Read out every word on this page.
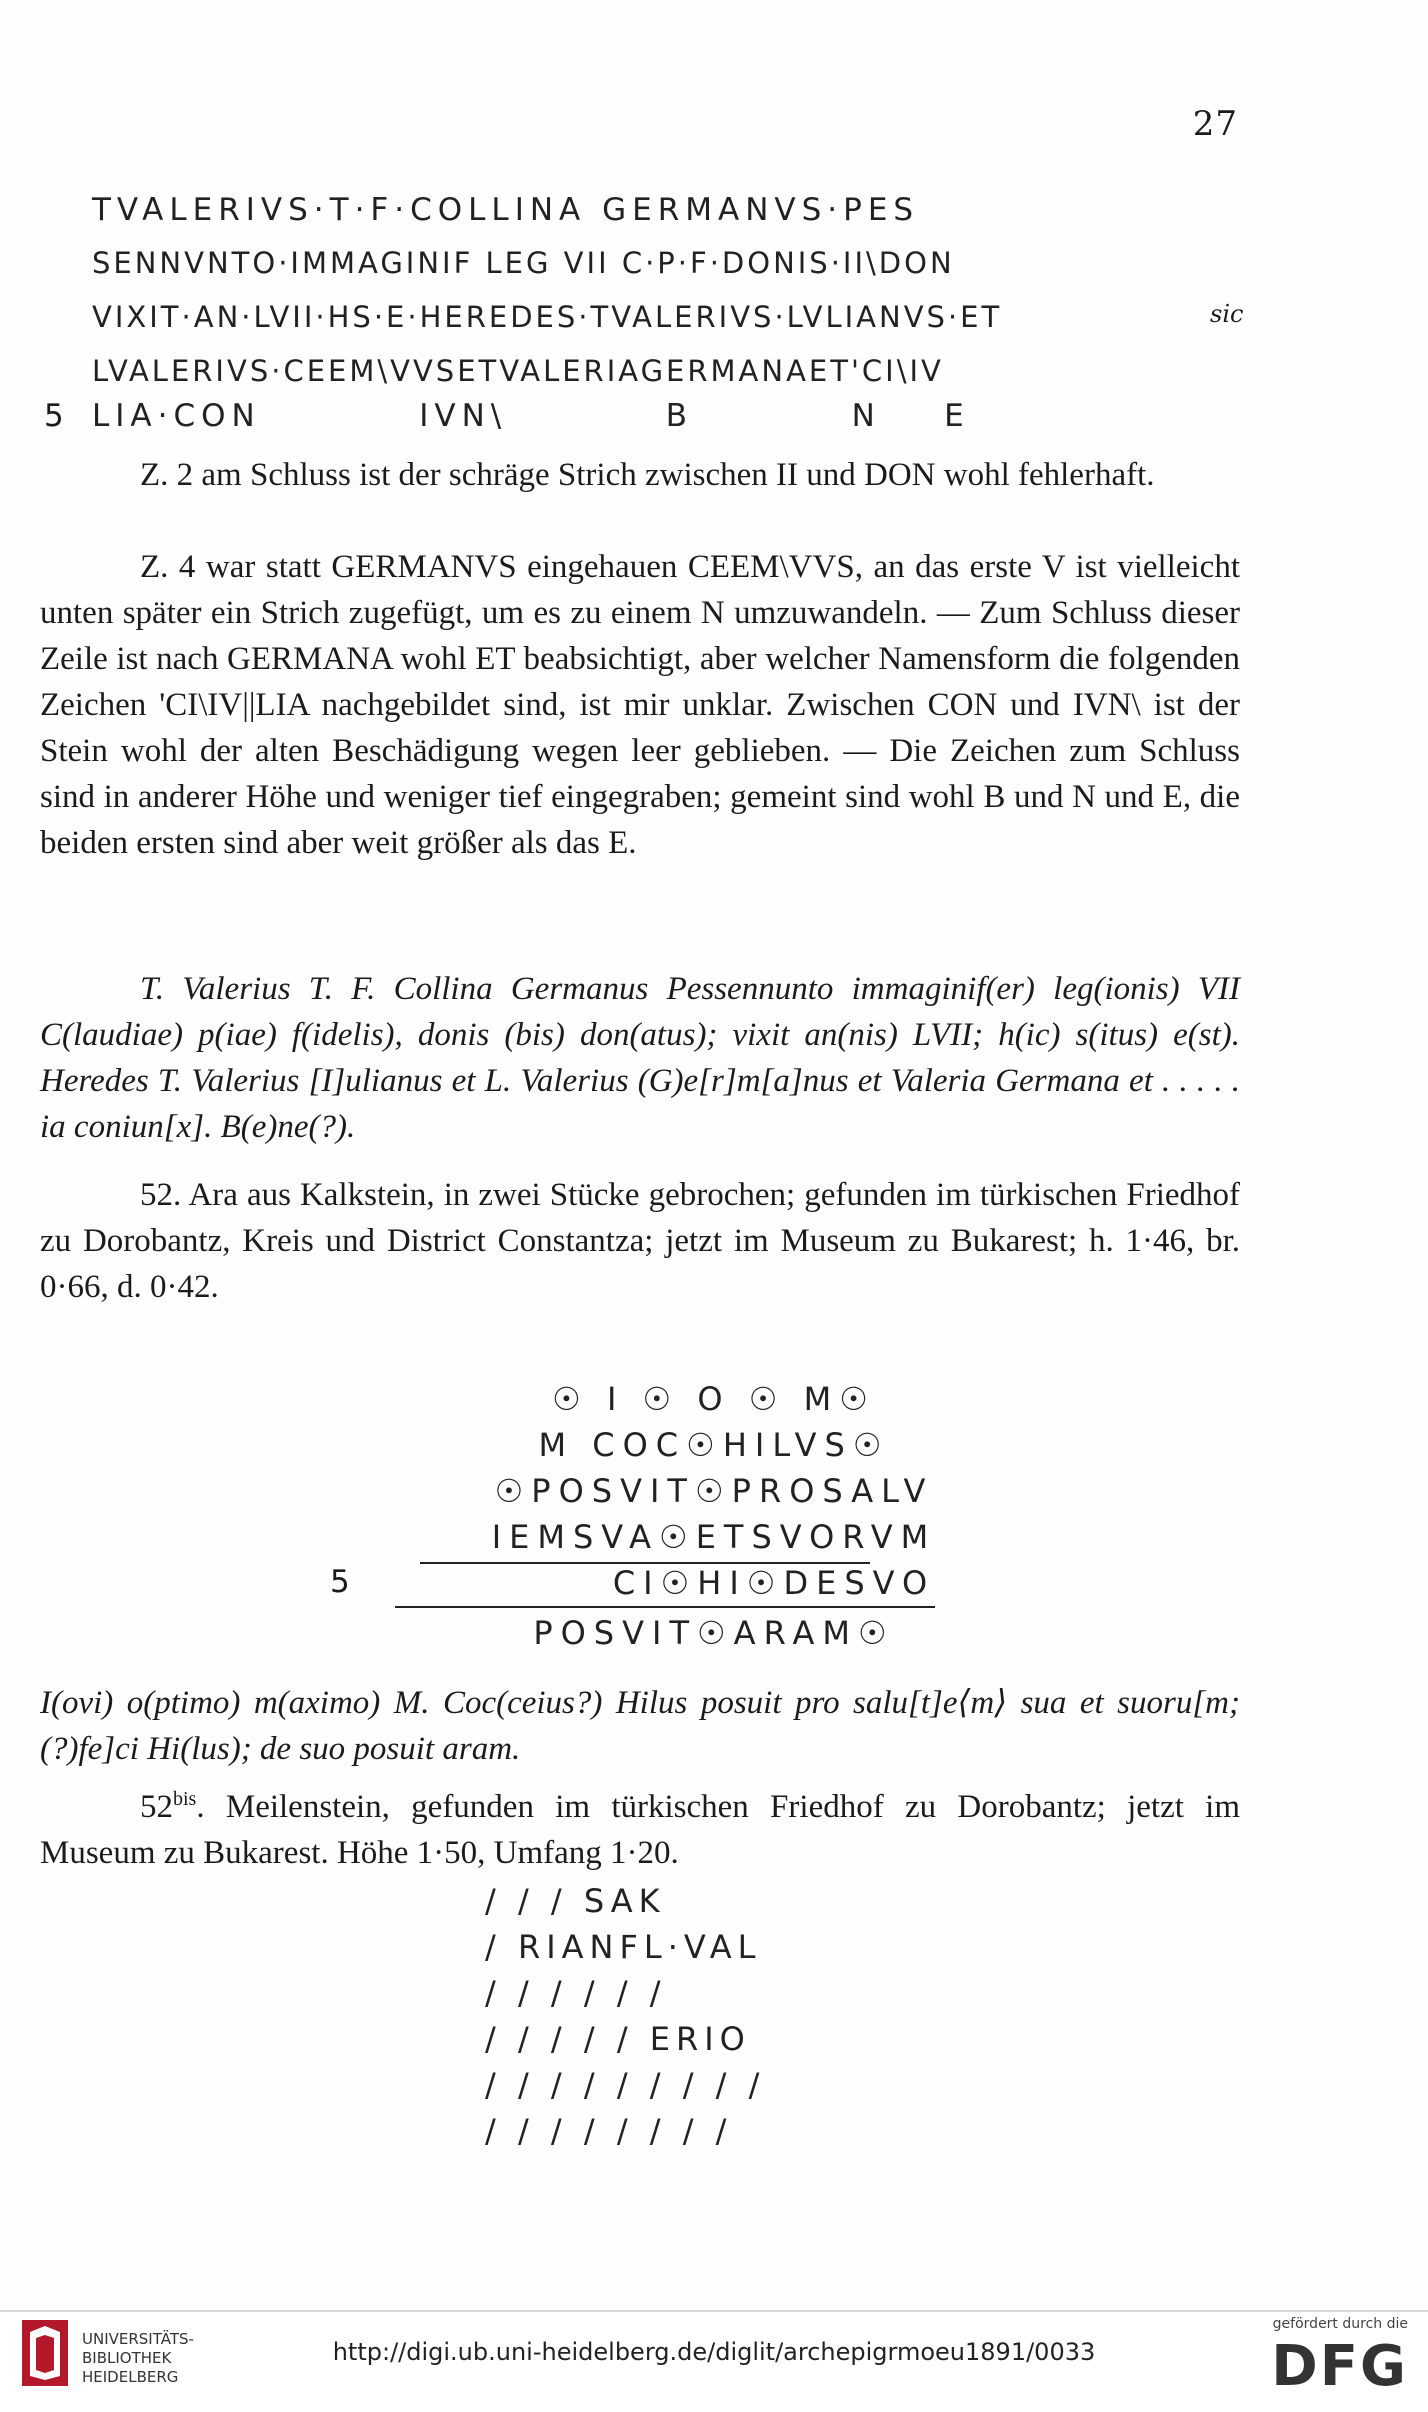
27
TVALERIVS·T·F·COLLINA GERMANVS·PES
SENNVNTO·IMMAGINIF LEG VII C·P·F·DONIS·II\DON
VIXIT·AN·LVII·HS·E·HEREDES·TVALERIVS·LVLIANVS·ET	sic
LVALERIVS·CEEM\VVSETVALERIAGERMANAET'CI\IV
5 LIA·CON          IVN\          B          N    E
Z. 2 am Schluss ist der schräge Strich zwischen II und DON wohl fehlerhaft.
Z. 4 war statt GERMANVS eingehauen CEEM\VVS, an das erste V ist vielleicht unten später ein Strich zugefügt, um es zu einem N umzuwandeln. — Zum Schluss dieser Zeile ist nach GERMANA wohl ET beabsichtigt, aber welcher Namensform die folgenden Zeichen 'CI\IV||LIA nachgebildet sind, ist mir unklar. Zwischen CON und IVN\ ist der Stein wohl der alten Beschädigung wegen leer geblieben. — Die Zeichen zum Schluss sind in anderer Höhe und weniger tief eingegraben; gemeint sind wohl B und N und E, die beiden ersten sind aber weit größer als das E.
T. Valerius T. F. Collina Germanus Pessennunto immaginif(er) leg(ionis) VII C(laudiae) p(iae) f(idelis), donis (bis) don(atus); vixit an(nis) LVII; h(ic) s(itus) e(st). Heredes T. Valerius [I]ulianus et L. Valerius (G)e[r]m[a]nus et Valeria Germana et . . . . . ia coniun[x]. B(e)ne(?).
52. Ara aus Kalkstein, in zwei Stücke gebrochen; gefunden im türkischen Friedhof zu Dorobantz, Kreis und District Constantza; jetzt im Museum zu Bukarest; h. 1·46, br. 0·66, d. 0·42.
☉ I ☉ O ☉ M☉
M COC☉HILVS☉
☉POSVIT☉PROSALV
IEMSVA☉ETSVORVM
5	CI☉HI☉DESVO
POSVIT☉ARAM☉
I(ovi) o(ptimo) m(aximo) M. Coc(ceius?) Hilus posuit pro salu[t]e⟨m⟩ sua et suoru[m; (?)fe]ci Hi(lus); de suo posuit aram.
$52^{bis}$. Meilenstein, gefunden im türkischen Friedhof zu Dorobantz; jetzt im Museum zu Bukarest. Höhe 1·50, Umfang 1·20.
/ / / SAK
/ RIANFL·VAL
/ / / / / /
/ / / / / ERIO
/ / / / / / / / /
/ / / / / / / /
UNIVERSITÄTS-
BIBLIOTHEK
HEIDELBERG
http://digi.ub.uni-heidelberg.de/diglit/archepigrmoeu1891/0033
gefördert durch die
DFG
